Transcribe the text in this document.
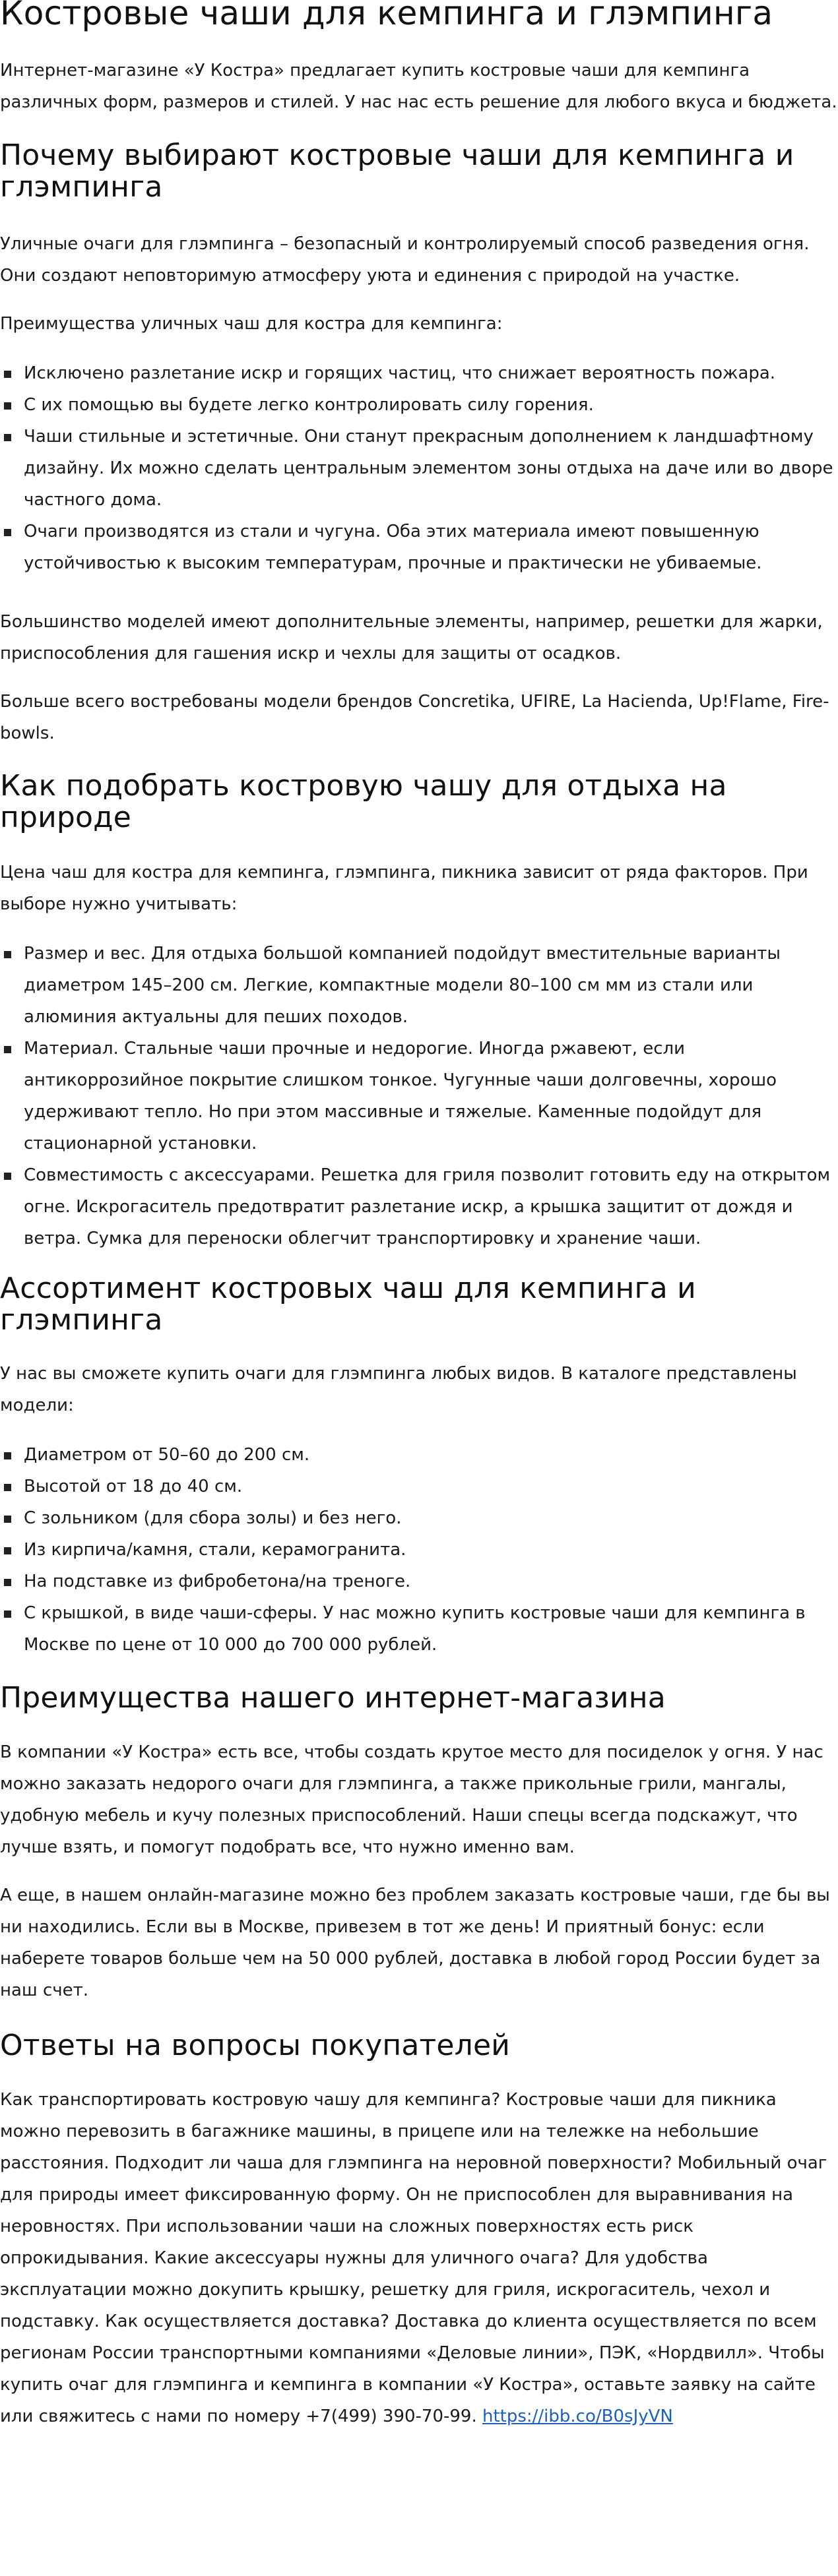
Костровые чаши для кемпинга и глэмпинга

Интернет-магазине «У Костра» предлагает купить костровые чаши для кемпинга различных форм, размеров и стилей. У нас нас есть решение для любого вкуса и бюджета.

Почему выбирают костровые чаши для кемпинга и глэмпинга

Уличные очаги для глэмпинга – безопасный и контролируемый способ разведения огня. Они создают неповторимую атмосферу уюта и единения с природой на участке.

Преимущества уличных чаш для костра для кемпинга:

Исключено разлетание искр и горящих частиц, что снижает вероятность пожара.
С их помощью вы будете легко контролировать силу горения.
Чаши стильные и эстетичные. Они станут прекрасным дополнением к ландшафтному дизайну. Их можно сделать центральным элементом зоны отдыха на даче или во дворе частного дома.
Очаги производятся из стали и чугуна. Оба этих материала имеют повышенную устойчивостью к высоким температурам, прочные и практически не убиваемые.

Большинство моделей имеют дополнительные элементы, например, решетки для жарки, приспособления для гашения искр и чехлы для защиты от осадков.

Больше всего востребованы модели брендов Concretika, UFIRE, La Hacienda, Up!Flame, Fire-bowls.

Как подобрать костровую чашу для отдыха на природе

Цена чаш для костра для кемпинга, глэмпинга, пикника зависит от ряда факторов. При выборе нужно учитывать:

Размер и вес. Для отдыха большой компанией подойдут вместительные варианты диаметром 145–200 см. Легкие, компактные модели 80–100 см мм из стали или алюминия актуальны для пеших походов.
Материал. Стальные чаши прочные и недорогие. Иногда ржавеют, если антикоррозийное покрытие слишком тонкое. Чугунные чаши долговечны, хорошо удерживают тепло. Но при этом массивные и тяжелые. Каменные подойдут для стационарной установки.
Совместимость с аксессуарами. Решетка для гриля позволит готовить еду на открытом огне. Искрогаситель предотвратит разлетание искр, а крышка защитит от дождя и ветра. Сумка для переноски облегчит транспортировку и хранение чаши.
Ассортимент костровых чаш для кемпинга и глэмпинга

У нас вы сможете купить очаги для глэмпинга любых видов. В каталоге представлены модели:

Диаметром от 50–60 до 200 см.
Высотой от 18 до 40 см.
С зольником (для сбора золы) и без него.
Из кирпича/камня, стали, керамогранита.
На подставке из фибробетона/на треноге.
С крышкой, в виде чаши-сферы. У нас можно купить костровые чаши для кемпинга в Москве по цене от 10 000 до 700 000 рублей.
Преимущества нашего интернет-магазина

В компании «У Костра» есть все, чтобы создать крутое место для посиделок у огня. У нас можно заказать недорого очаги для глэмпинга, а также прикольные грили, мангалы, удобную мебель и кучу полезных приспособлений. Наши спецы всегда подскажут, что лучше взять, и помогут подобрать все, что нужно именно вам.

А еще, в нашем онлайн-магазине можно без проблем заказать костровые чаши, где бы вы ни находились. Если вы в Москве, привезем в тот же день! И приятный бонус: если наберете товаров больше чем на 50 000 рублей, доставка в любой город России будет за наш счет.

Ответы на вопросы покупателей

Как транспортировать костровую чашу для кемпинга? Костровые чаши для пикника можно перевозить в багажнике машины, в прицепе или на тележке на небольшие расстояния. Подходит ли чаша для глэмпинга на неровной поверхности? Мобильный очаг для природы имеет фиксированную форму. Он не приспособлен для выравнивания на неровностях. При использовании чаши на сложных поверхностях есть риск опрокидывания. Какие аксессуары нужны для уличного очага? Для удобства эксплуатации можно докупить крышку, решетку для гриля, искрогаситель, чехол и подставку. Как осуществляется доставка? Доставка до клиента осуществляется по всем регионам России транспортными компаниями «Деловые линии», ПЭК, «Нордвилл». Чтобы купить очаг для глэмпинга и кемпинга в компании «У Костра», оставьте заявку на сайте или свяжитесь с нами по номеру +7(499) 390-70-99. https://ibb.co/B0sJyVN
